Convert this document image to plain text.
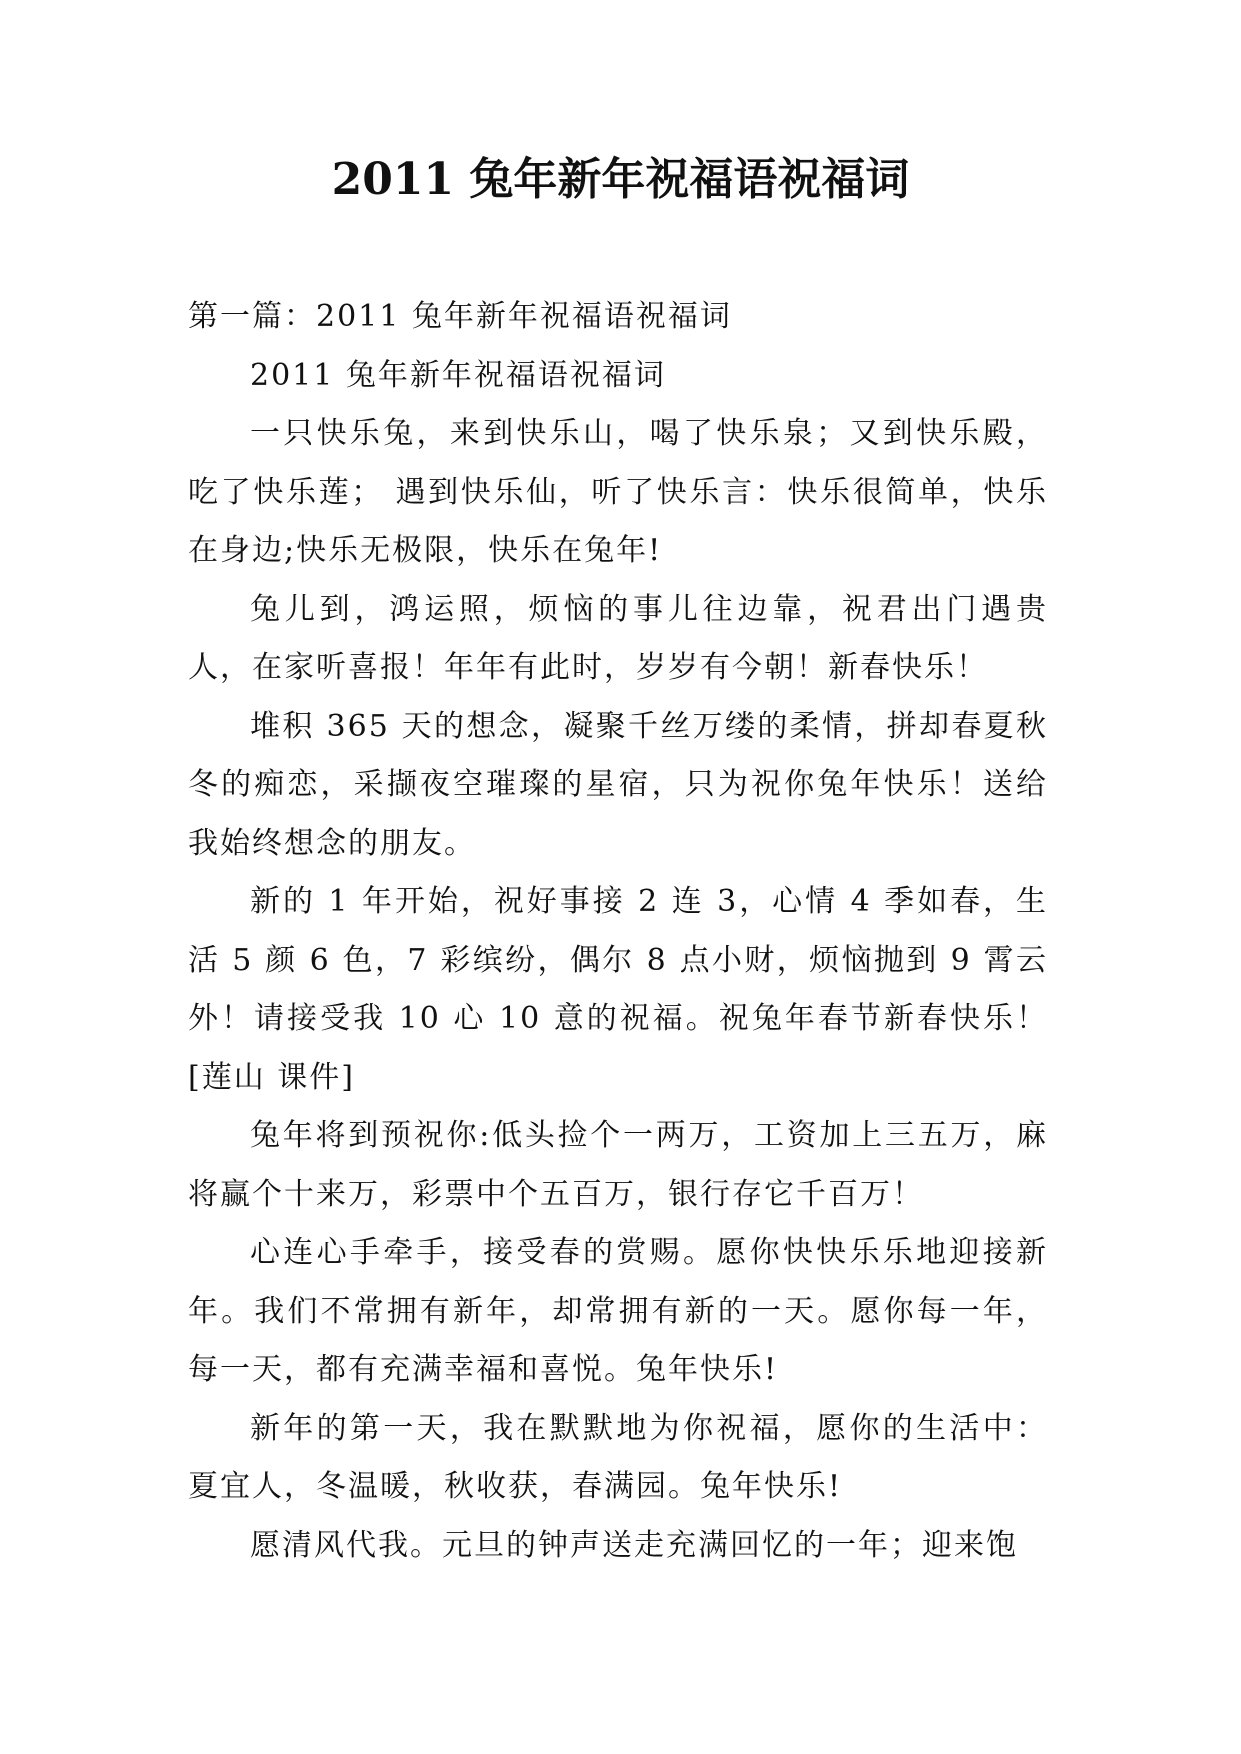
2011 兔年新年祝福语祝福词

第一篇：2011 兔年新年祝福语祝福词

2011 兔年新年祝福语祝福词

一只快乐兔，来到快乐山，喝了快乐泉；又到快乐殿，吃了快乐莲； 遇到快乐仙，听了快乐言：快乐很简单，快乐在身边;快乐无极限，快乐在兔年!

兔儿到，鸿运照，烦恼的事儿往边靠，祝君出门遇贵人，在家听喜报！年年有此时，岁岁有今朝！新春快乐！

堆积 365 天的想念，凝聚千丝万缕的柔情，拼却春夏秋冬的痴恋，采撷夜空璀璨的星宿，只为祝你兔年快乐！送给我始终想念的朋友。

新的 1 年开始，祝好事接 2 连 3，心情 4 季如春，生活 5 颜 6 色，7 彩缤纷，偶尔 8 点小财，烦恼抛到 9 霄云外！请接受我 10 心 10 意的祝福。祝兔年春节新春快乐！[莲山 课件]

兔年将到预祝你:低头捡个一两万，工资加上三五万，麻将赢个十来万，彩票中个五百万，银行存它千百万！

心连心手牵手，接受春的赏赐。愿你快快乐乐地迎接新年。我们不常拥有新年，却常拥有新的一天。愿你每一年，每一天，都有充满幸福和喜悦。兔年快乐!

新年的第一天，我在默默地为你祝福，愿你的生活中：夏宜人，冬温暖，秋收获，春满园。兔年快乐!

愿清风代我。元旦的钟声送走充满回忆的一年；迎来饱
